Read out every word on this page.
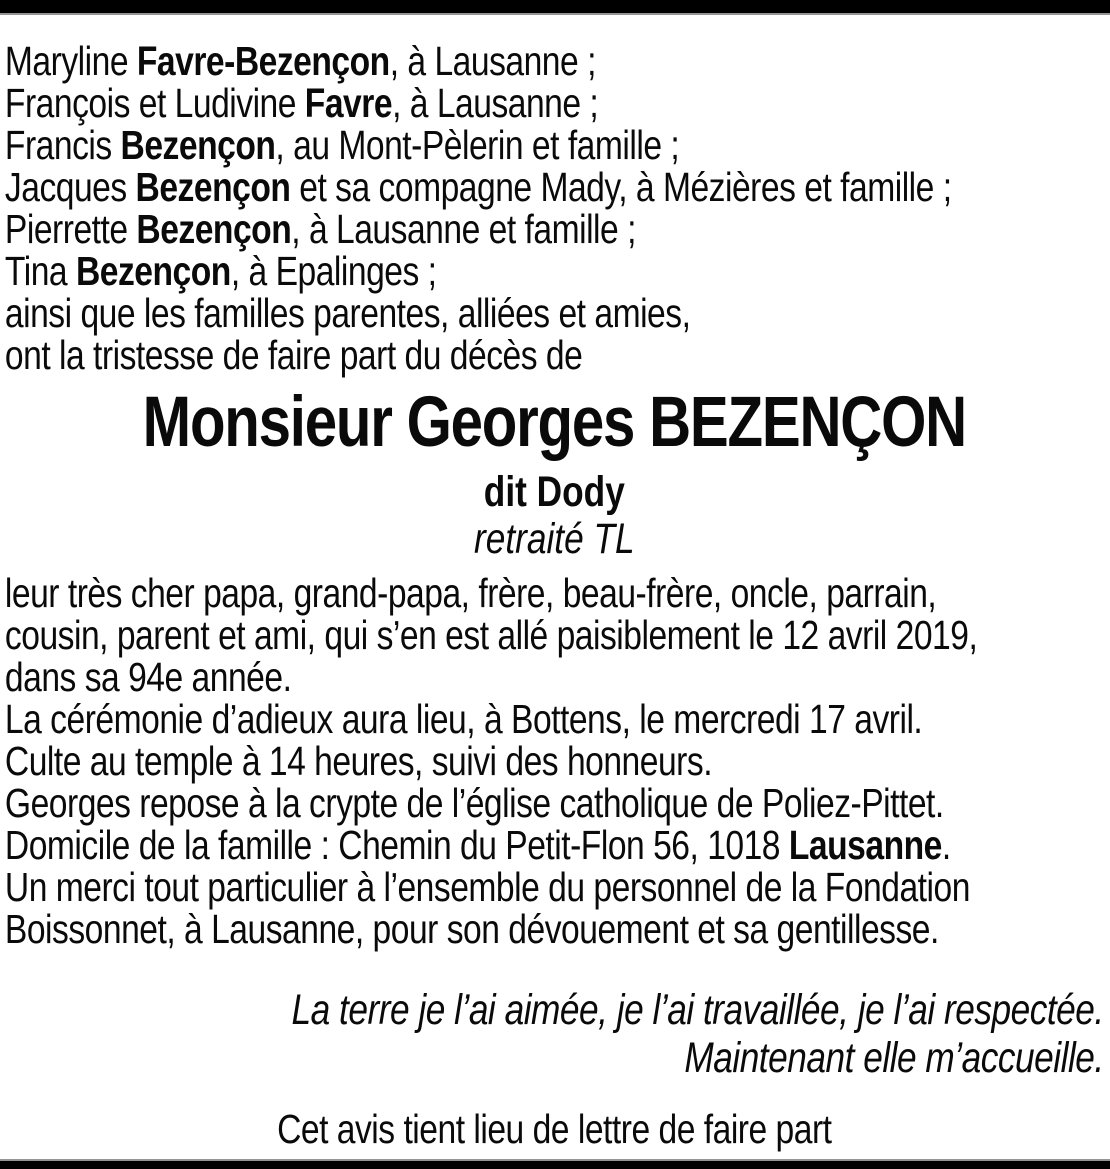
Maryline Favre-Bezençon, à Lausanne ;
François et Ludivine Favre, à Lausanne ;
Francis Bezençon, au Mont-Pèlerin et famille ;
Jacques Bezençon et sa compagne Mady, à Mézières et famille ;
Pierrette Bezençon, à Lausanne et famille ;
Tina Bezençon, à Epalinges ;
ainsi que les familles parentes, alliées et amies,
ont la tristesse de faire part du décès de
Monsieur Georges BEZENÇON
dit Dody
retraité TL
leur très cher papa, grand-papa, frère, beau-frère, oncle, parrain,
cousin, parent et ami, qui s’en est allé paisiblement le 12 avril 2019,
dans sa 94e année.
La cérémonie d’adieux aura lieu, à Bottens, le mercredi 17 avril.
Culte au temple à 14 heures, suivi des honneurs.
Georges repose à la crypte de l’église catholique de Poliez-Pittet.
Domicile de la famille : Chemin du Petit-Flon 56, 1018 Lausanne.
Un merci tout particulier à l’ensemble du personnel de la Fondation
Boissonnet, à Lausanne, pour son dévouement et sa gentillesse.
La terre je l’ai aimée, je l’ai travaillée, je l’ai respectée.
Maintenant elle m’accueille.
Cet avis tient lieu de lettre de faire part
